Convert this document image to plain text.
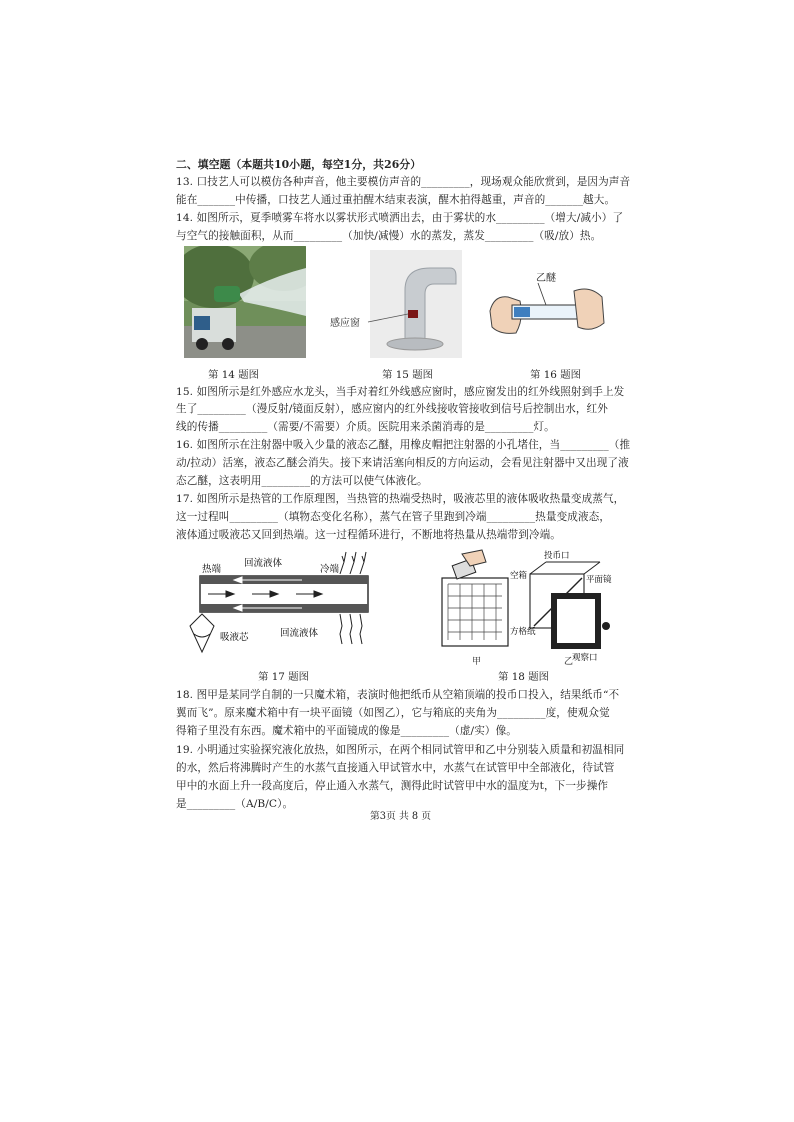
二、填空题（本题共10小题，每空1分，共26分）
13. 口技艺人可以模仿各种声音，他主要模仿声音的_________，现场观众能欣赏到，是因为声音
能在_______中传播，口技艺人通过重拍醒木结束表演，醒木拍得越重，声音的_______越大。
14. 如图所示，夏季喷雾车将水以雾状形式喷洒出去，由于雾状的水_________（增大/减小）了
与空气的接触面积，从而_________（加快/减慢）水的蒸发，蒸发_________（吸/放）热。
感应窗
乙醚
第 14 题图	第 15 题图	第 16 题图
15. 如图所示是红外感应水龙头，当手对着红外线感应窗时，感应窗发出的红外线照射到手上发
生了_________（漫反射/镜面反射），感应窗内的红外线接收管接收到信号后控制出水，红外
线的传播_________（需要/不需要）介质。医院用来杀菌消毒的是_________灯。
16. 如图所示在注射器中吸入少量的液态乙醚，用橡皮帽把注射器的小孔堵住，当_________（推
动/拉动）活塞，液态乙醚会消失。接下来请活塞向相反的方向运动，会看见注射器中又出现了液
态乙醚，这表明用_________的方法可以使气体液化。
17. 如图所示是热管的工作原理图，当热管的热端受热时，吸液芯里的液体吸收热量变成蒸气，
这一过程叫_________（填物态变化名称），蒸气在管子里跑到冷端_________热量变成液态，
液体通过吸液芯又回到热端。这一过程循环进行，不断地将热量从热端带到冷端。
热端	冷端
回流液体
回流液体
吸液芯
空箱
投币口
平面镜
方格纸
观察口
甲	乙
第 17 题图	第 18 题图
18. 图甲是某同学自制的一只魔术箱，表演时他把纸币从空箱顶端的投币口投入，结果纸币“不
翼而飞”。原来魔术箱中有一块平面镜（如图乙），它与箱底的夹角为_________度，使观众觉
得箱子里没有东西。魔术箱中的平面镜成的像是_________（虚/实）像。
19. 小明通过实验探究液化放热，如图所示，在两个相同试管甲和乙中分别装入质量和初温相同
的水，然后将沸腾时产生的水蒸气直接通入甲试管水中，水蒸气在试管甲中全部液化，待试管
甲中的水面上升一段高度后，停止通入水蒸气，测得此时试管甲中水的温度为t，下一步操作
是_________（A/B/C）。
第3页 共 8 页
